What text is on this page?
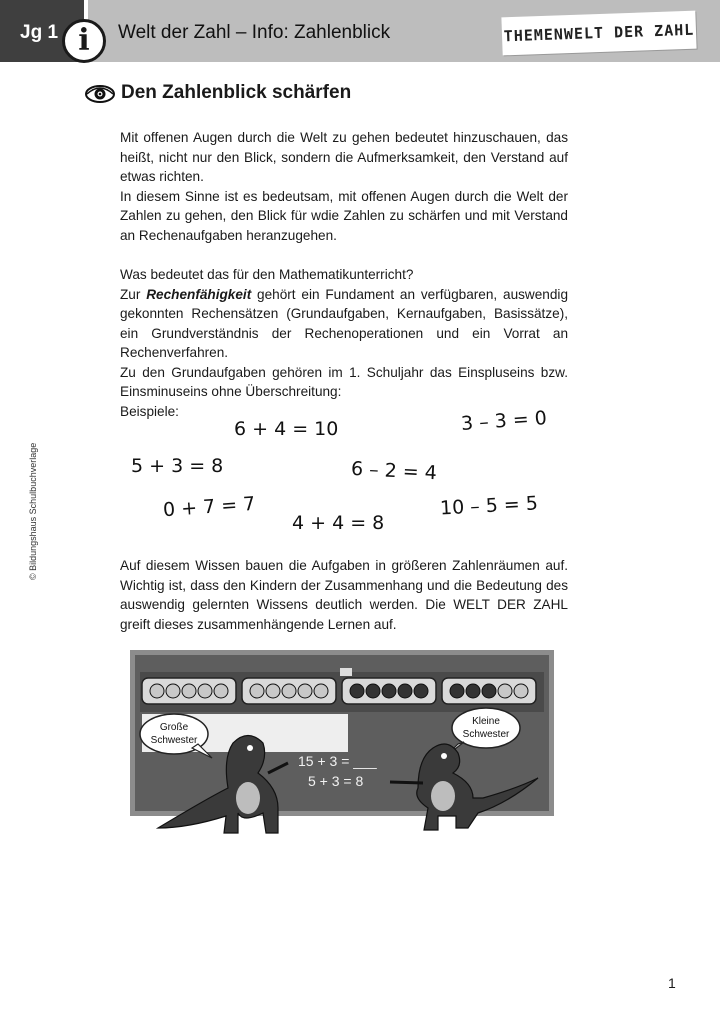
Jg 1 i	Welt der Zahl – Info: Zahlenblick	THEMENWELT DER ZAHL
Den Zahlenblick schärfen
© Bildungshaus Schulbuchverlage

Mit offenen Augen durch die Welt zu gehen bedeutet hinzuschauen, das heißt, nicht nur den Blick, sondern die Aufmerksamkeit, den Verstand auf etwas richten.

In diesem Sinne ist es bedeutsam, mit offenen Augen durch die Welt der Zahlen zu gehen, den Blick für wdie Zahlen zu schärfen und mit Verstand an Rechenaufgaben heranzugehen.

Was bedeutet das für den Mathematikunterricht?

Zur Rechenfähigkeit gehört ein Fundament an verfügbaren, auswendig gekonnten Rechensätzen (Grundaufgaben, Kernaufgaben, Basissätze), ein Grundverständnis der Rechenoperationen und ein Vorrat an Rechenverfahren.

Zu den Grundaufgaben gehören im 1. Schuljahr das Einspluseins bzw. Einsminuseins ohne Überschreitung:

Beispiele:

6 + 4 = 10	3 – 3 = 0
5 + 3 = 8	6 – 2 = 4
0 + 7 = 7
4 + 4 = 8
10 – 5 = 5

Auf diesem Wissen bauen die Aufgaben in größeren Zahlenräumen auf. Wichtig ist, dass den Kindern der Zusammenhang und die Bedeutung des auswendig gelernten Wissens deutlich werden. Die WELT DER ZAHL greift dieses zusammenhängende Lernen auf.

Große
Schwester
Kleine
Schwester
15 + 3 = ___
5 + 3 = 8
1
